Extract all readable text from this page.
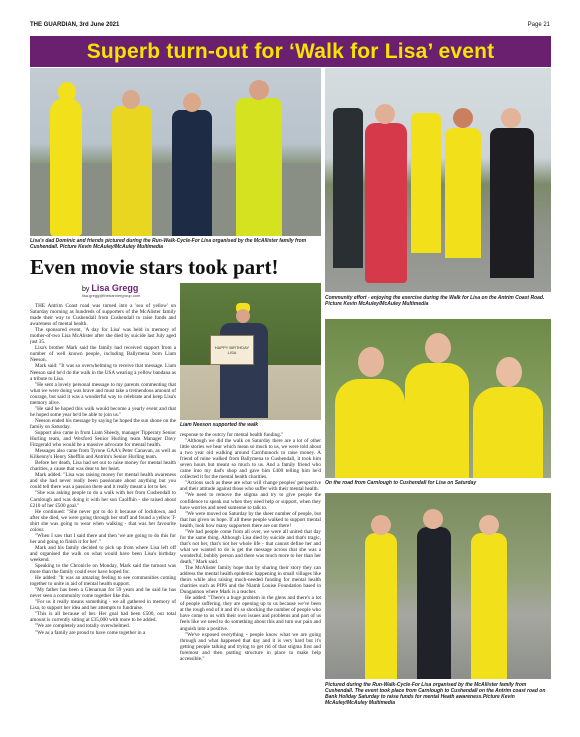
THE GUARDIAN, 3rd June 2021	Page 21
Superb turn-out for ‘Walk for Lisa’ event
Lisa's dad Dominic and friends pictured during the Run-Walk-Cycle-For Lisa organised by the McAllister family from Cushendall. Picture Kevin McAuley/McAuley Multimedia
Community effort - enjoying the exercise during the Walk for Lisa on the Antrim Coast Road. Picture Kevin McAuley/McAuley Multimedia
Even movie stars took part!
by Lisa Gregg
lisa.gregg@thebannergroup.com

THE Antrim Coast road was turned into a 'sea of yellow' on Saturday morning as hundreds of supporters of the McAlister family made their way to Cushendall from Cushendall to raise funds and awareness of mental health.

The sponsored event, 'A day for Lisa' was held in memory of mother-of-two Lisa McAlister after she died by suicide last July aged just 35.

Lisa's brother Mark said the family had received support from a number of well known people, including Ballymena born Liam Neeson.

Mark said: "It was so overwhelming to receive that message. Liam Neeson said he'd do the walk in the USA wearing a yellow bandana as a tribute to Lisa.

"He sent a lovely personal message to my parents commenting that what we were doing was brave and must take a tremendous amount of courage, but said it was a wonderful way to celebrate and keep Lisa's memory alive.

"He said he hoped this walk would become a yearly event and that he hoped some year he'd be able to join us."

Neeson ended his message by saying he hoped the sun shone on the family on Saturday.

Support also came in from Liam Sheedy, manager Tipperary Senior Hurling team, and Wexford Senior Hurling team Manager Davy Fitzgerald who would be a massive advocate for mental health.

Messages also came from Tyrone GAA's Peter Canavan, as well as Kilkenny's Henry Shefflin and Antrim's Senior Hurling team.

Before her death, Lisa had set out to raise money for mental health charities, a cause that was dear to her heart.

Mark added: "Lisa was raising money for mental health awareness and she had never really been passionate about anything but you could tell there was a passion there and it really meant a lot to her.

"She was asking people to do a walk with her from Cushendall to Carnlough and was doing it with her son Caolfhin - she raised about £210 of her £500 goal."

He continued: "She never got to do it because of lockdown, and after she died, we were going through her stuff and found a yellow T-shirt she was going to wear when walking - that was her favourite colour.

"When I saw that I said there and then 'we are going to do this for her and going to finish it for her'."

Mark and his family decided to pick up from where Lisa left off and organised the walk on what would have been Lisa's birthday weekend.

Speaking to the Chronicle on Monday, Mark said the turnout was more than the family could ever have hoped for.

He added: "It was an amazing feeling to see communities coming together to unite in aid of mental health support.

"My father has been a Glenarnan for 59 years and he said he has never seen a community come together like this.

"For us it really means something - we all gathered in memory of Lisa, to support her idea and her attempts to fundraise.

"This is all because of her. Her goal had been £500, our total amount is currently sitting at £35,000 with more to be added.

"We are completely and totally overwhelmed.

"We as a family are proud to have come together in a

HAPPY BIRTHDAY LISA
Liam Neeson supported the walk

response to the outcry for mental health funding."

"Although we did the walk on Saturday there are a lot of other little stories we hear which mean so much to us, we were told about a two year old walking around Carnfunnock to raise money. A friend of mine walked from Ballymena to Cushendall, it took him seven hours but meant so much to us. And a family friend who came into my dad's shop and gave him £400 telling him he'd collected it for the mental health charities.

"Actions such as these are what will change peoples' perspective and their attitude against those who suffer with their mental health.

"We need to remove the stigma and try to give people the confidence to speak out when they need help or support, when they have worries and need someone to talk to.

"We were moved on Saturday by the sheer number of people, but that has given us hope. If all these people walked to support mental health, look how many supporters there are out there!

"We had people come from all over, we were all united that day for the same thing. Although Lisa died by suicide and that's tragic, that's not her, that's not her whole life - that cannot define her and what we wanted to do is get the message across that she was a wonderful, bubbly person and there was much more to her than her death," Mark said.

The McAlister family hope that by sharing their story they can address the mental health epidemic happening in small villages like theirs while also raising much-needed funding for mental health charities such as PIPS and the Niamh Louise Foundation based in Dungannon where Mark is a teacher.

He added: "There's a huge problem in the glens and there's a lot of people suffering, they are opening up to us because we've been at the rough end of it and it's so shocking the number of people who have come to us with their own issues and problems and part of us feels like we need to do something about this and turn our pain and anguish into a positive.

"We've exposed everything - people know what we are going through and what happened that day and it is very hard but it's getting people talking and trying to get rid of that stigma first and foremost and then putting structure in place to make help accessible."

On the road from Carnlough to Cushendall for Lisa on Saturday
Pictured during the Run-Walk-Cycle-For Lisa organised by the McAllister family from Cushendall. The event took place from Carnlough to Cushendall on the Antrim coast road on Bank Holiday Saturday to raise funds for mental Heath awareness.Picture Kevin McAuley/McAuley Multimedia
